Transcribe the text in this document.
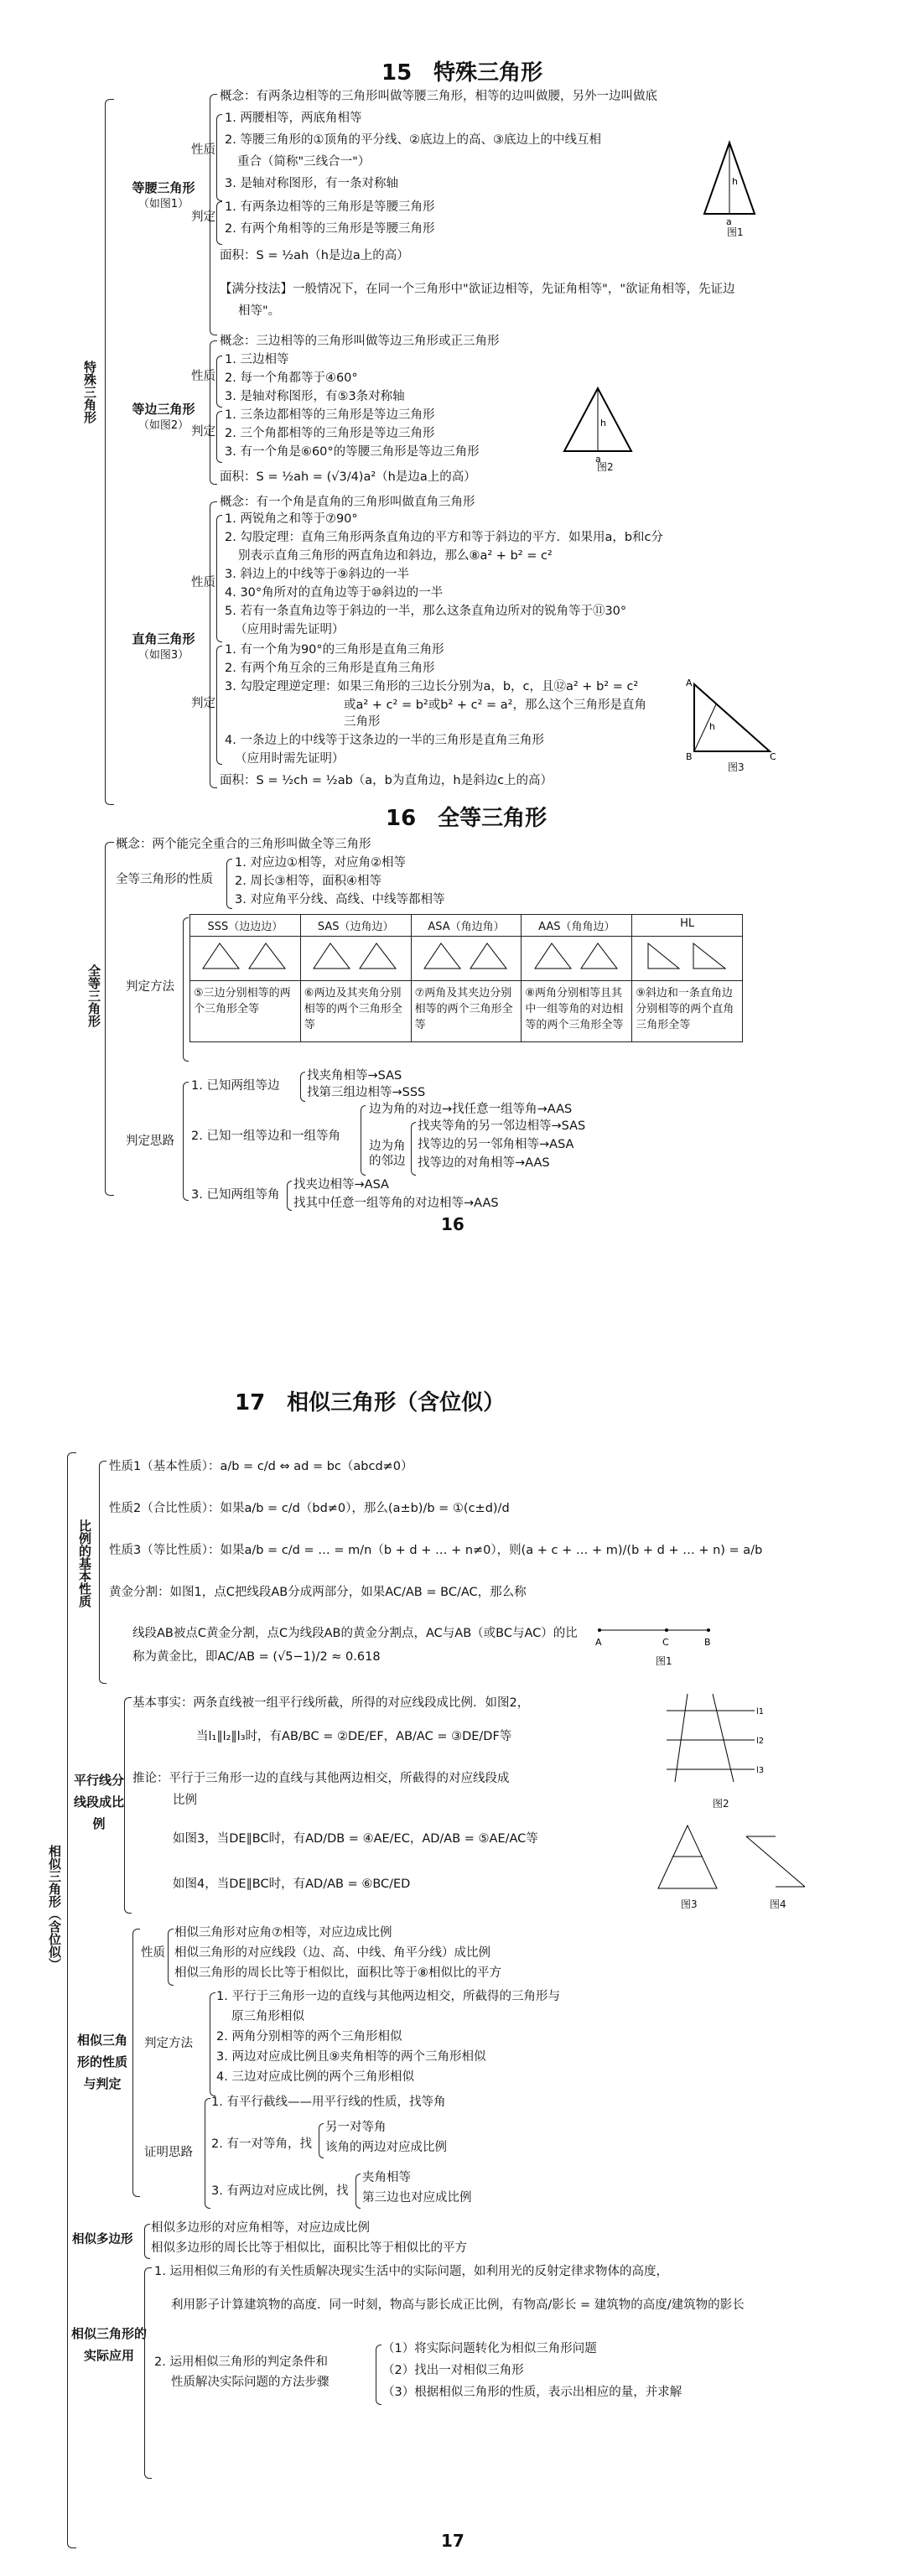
15　特殊三角形
特殊三角形
等腰三角形
（如图1）
概念：有两条边相等的三角形叫做等腰三角形，相等的边叫做腰，另外一边叫做底
性质
1. 两腰相等，两底角相等
2. 等腰三角形的①顶角的平分线、②底边上的高、③底边上的中线互相
重合（简称"三线合一"）
3. 是轴对称图形，有一条对称轴
判定
1. 有两条边相等的三角形是等腰三角形
2. 有两个角相等的三角形是等腰三角形
面积：S = ½ah（h是边a上的高）
【满分技法】一般情况下，在同一个三角形中"欲证边相等，先证角相等"，"欲证角相等，先证边
相等"。
h
a
图1
等边三角形
（如图2）
概念：三边相等的三角形叫做等边三角形或正三角形
性质
1. 三边相等
2. 每一个角都等于④60°
3. 是轴对称图形，有⑤3条对称轴
判定
1. 三条边都相等的三角形是等边三角形
2. 三个角都相等的三角形是等边三角形
3. 有一个角是⑥60°的等腰三角形是等边三角形
面积：S = ½ah = (√3/4)a²（h是边a上的高）
h
a
图2
直角三角形
（如图3）
概念：有一个角是直角的三角形叫做直角三角形
性质
1. 两锐角之和等于⑦90°
2. 勾股定理：直角三角形两条直角边的平方和等于斜边的平方．如果用a，b和c分
别表示直角三角形的两直角边和斜边，那么⑧a² + b² = c²
3. 斜边上的中线等于⑨斜边的一半
4. 30°角所对的直角边等于⑩斜边的一半
5. 若有一条直角边等于斜边的一半，那么这条直角边所对的锐角等于⑪30°
（应用时需先证明）
判定
1. 有一个角为90°的三角形是直角三角形
2. 有两个角互余的三角形是直角三角形
3. 勾股定理逆定理：如果三角形的三边长分别为a，b，c，且⑫a² + b² = c²
或a² + c² = b²或b² + c² = a²，那么这个三角形是直角
三角形
4. 一条边上的中线等于这条边的一半的三角形是直角三角形
（应用时需先证明）
面积：S = ½ch = ½ab（a，b为直角边，h是斜边c上的高）
A
B	C
h
图3
16　全等三角形
全等三角形
概念：两个能完全重合的三角形叫做全等三角形
全等三角形的性质
1. 对应边①相等，对应角②相等
2. 周长③相等，面积④相等
3. 对应角平分线、高线、中线等都相等
判定方法
SSS（边边边）	SAS（边角边）	ASA（角边角）	AAS（角角边）	HL

⑤三边分别相等的两个三角形全等	⑥两边及其夹角分别相等的两个三角形全等	⑦两角及其夹边分别相等的两个三角形全等	⑧两角分别相等且其中一组等角的对边相等的两个三角形全等	⑨斜边和一条直角边分别相等的两个直角三角形全等
判定思路
1. 已知两组等边
找夹角相等→SAS
找第三组边相等→SSS
2. 已知一组等边和一组等角
边为角的对边→找任意一组等角→AAS
边为角的邻边
找夹等角的另一邻边相等→SAS
找等边的另一邻角相等→ASA
找等边的对角相等→AAS
3. 已知两组等角
找夹边相等→ASA
找其中任意一组等角的对边相等→AAS
16
17　相似三角形（含位似）
相似三角形（含位似）
比例的基本性质
性质1（基本性质）：a/b = c/d ⇔ ad = bc（abcd≠0）
性质2（合比性质）：如果a/b = c/d（bd≠0），那么(a±b)/b = ①(c±d)/d
性质3（等比性质）：如果a/b = c/d = … = m/n（b + d + … + n≠0），则(a + c + … + m)/(b + d + … + n) = a/b
黄金分割：如图1，点C把线段AB分成两部分，如果AC/AB = BC/AC，那么称
线段AB被点C黄金分割，点C为线段AB的黄金分割点，AC与AB（或BC与AC）的比称为黄金比，即AC/AB = (√5−1)/2 ≈ 0.618
A	C	B
图1
平行线分线段成比例
基本事实：两条直线被一组平行线所截，所得的对应线段成比例．如图2，
当l₁∥l₂∥l₃时，有AB/BC = ②DE/EF，AB/AC = ③DE/DF等
推论：平行于三角形一边的直线与其他两边相交，所截得的对应线段成
比例
如图3，当DE∥BC时，有AD/DB = ④AE/EC，AD/AB = ⑤AE/AC等
如图4，当DE∥BC时，有AD/AB = ⑥BC/ED
l1
l2
l3
图2
图3	图4
相似三角形的性质与判定
性质
相似三角形对应角⑦相等，对应边成比例
相似三角形的对应线段（边、高、中线、角平分线）成比例
相似三角形的周长比等于相似比，面积比等于⑧相似比的平方
判定方法
1. 平行于三角形一边的直线与其他两边相交，所截得的三角形与
原三角形相似
2. 两角分别相等的两个三角形相似
3. 两边对应成比例且⑨夹角相等的两个三角形相似
4. 三边对应成比例的两个三角形相似
证明思路
1. 有平行截线——用平行线的性质，找等角
2. 有一对等角，找
另一对等角
该角的两边对应成比例
3. 有两边对应成比例，找
夹角相等
第三边也对应成比例
相似多边形
相似多边形的对应角相等，对应边成比例
相似多边形的周长比等于相似比，面积比等于相似比的平方
相似三角形的实际应用
1. 运用相似三角形的有关性质解决现实生活中的实际问题，如利用光的反射定律求物体的高度，
利用影子计算建筑物的高度．同一时刻，物高与影长成正比例，有物高/影长 = 建筑物的高度/建筑物的影长
2. 运用相似三角形的判定条件和
性质解决实际问题的方法步骤
（1）将实际问题转化为相似三角形问题
（2）找出一对相似三角形
（3）根据相似三角形的性质，表示出相应的量，并求解
17
